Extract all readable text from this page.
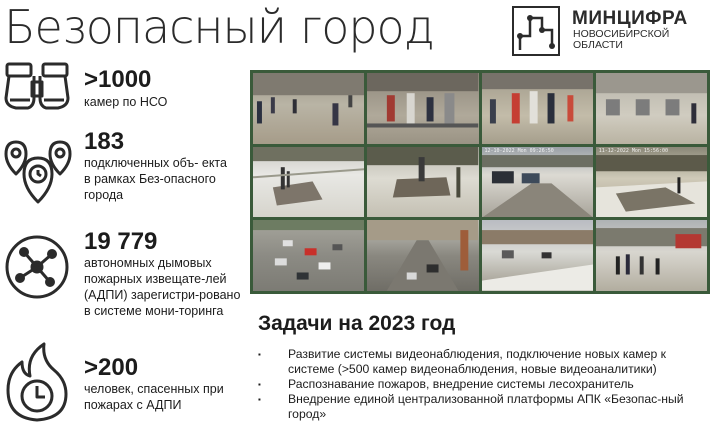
Безопасный город	МИНЦИФРА
НОВОСИБИРСКОЙ ОБЛАСТИ
>1000
камер по НСО
183
подключенных объ- екта в рамках Без-опасного города
19 779
автономных дымовых пожарных извещате-лей (АДПИ) зарегистри-ровано в системе мони-торинга
>200
человек, спасенных при пожарах с АДПИ
12-10-2022 Mon 09:26:50	11-12-2022 Mon 15:56:00
Задачи на 2023 год
▪ Развитие системы видеонаблюдения, подключение новых камер к системе (>500 камер видеонаблюдения, новые видеоаналитики)
▪ Распознавание пожаров, внедрение системы лесохранитель
▪ Внедрение единой централизованной платформы АПК «Безопас-ный город»
